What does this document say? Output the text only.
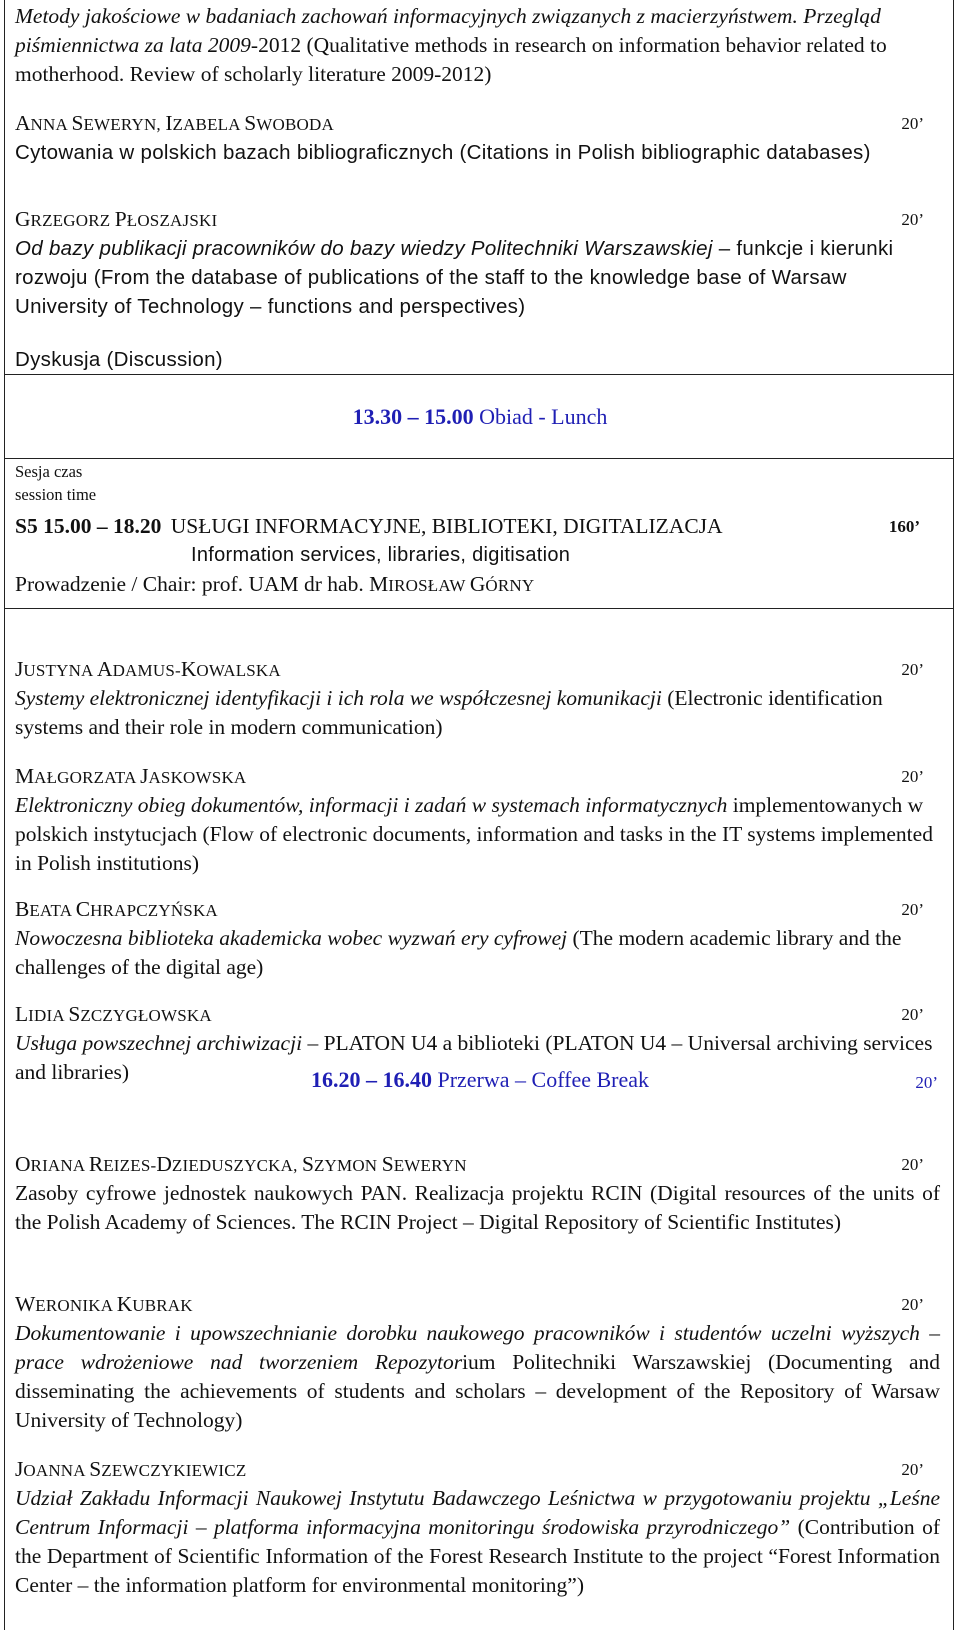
Metody jakościowe w badaniach zachowań informacyjnych związanych z macierzyństwem. Przegląd piśmiennictwa za lata 2009-2012 (Qualitative methods in research on information behavior related to motherhood. Review of scholarly literature 2009-2012)
ANNA SEWERYN, IZABELA SWOBODA	20’
Cytowania w polskich bazach bibliograficznych (Citations in Polish bibliographic databases)
GRZEGORZ PŁOSZAJSKI	20’
Od bazy publikacji pracowników do bazy wiedzy Politechniki Warszawskiej – funkcje i kierunki rozwoju (From the database of publications of the staff to the knowledge base of Warsaw University of Technology – functions and perspectives)
Dyskusja (Discussion)
13.30 – 15.00 Obiad - Lunch
Sesja czas
session time
S5 15.00 – 18.20 USŁUGI INFORMACYJNE, BIBLIOTEKI, DIGITALIZACJA	160’
Information services, libraries, digitisation
Prowadzenie / Chair: prof. UAM dr hab. MIROSŁAW GÓRNY
JUSTYNA ADAMUS-KOWALSKA	20’
Systemy elektronicznej identyfikacji i ich rola we współczesnej komunikacji (Electronic identification systems and their role in modern communication)
MAŁGORZATA JASKOWSKA	20’
Elektroniczny obieg dokumentów, informacji i zadań w systemach informatycznych implementowanych w polskich instytucjach (Flow of electronic documents, information and tasks in the IT systems implemented in Polish institutions)
BEATA CHRAPCZYŃSKA	20’
Nowoczesna biblioteka akademicka wobec wyzwań ery cyfrowej (The modern academic library and the challenges of the digital age)
LIDIA SZCZYGŁOWSKA	20’
Usługa powszechnej archiwizacji – PLATON U4 a biblioteki (PLATON U4 – Universal archiving services and libraries)	16.20 – 16.40 Przerwa – Coffee Break	20’
ORIANA REIZES-DZIEDUSZYCKA, SZYMON SEWERYN	20’
Zasoby cyfrowe jednostek naukowych PAN. Realizacja projektu RCIN (Digital resources of the units of the Polish Academy of Sciences. The RCIN Project – Digital Repository of Scientific Institutes)
WERONIKA KUBRAK	20’
Dokumentowanie i upowszechnianie dorobku naukowego pracowników i studentów uczelni wyższych – prace wdrożeniowe nad tworzeniem Repozytorium Politechniki Warszawskiej (Documenting and disseminating the achievements of students and scholars – development of the Repository of Warsaw University of Technology)
JOANNA SZEWCZYKIEWICZ	20’
Udział Zakładu Informacji Naukowej Instytutu Badawczego Leśnictwa w przygotowaniu projektu „Leśne Centrum Informacji – platforma informacyjna monitoringu środowiska przyrodniczego” (Contribution of the Department of Scientific Information of the Forest Research Institute to the project “Forest Information Center – the information platform for environmental monitoring”)
